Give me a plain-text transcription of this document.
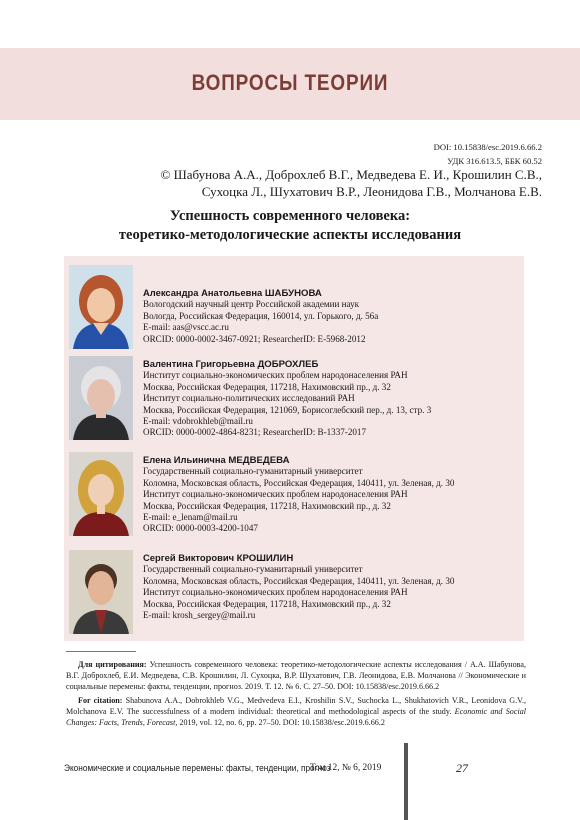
ВОПРОСЫ ТЕОРИИ
DOI: 10.15838/esc.2019.6.66.2
УДК 316.613.5, ББК 60.52
© Шабунова А.А., Доброхлеб В.Г., Медведева Е. И., Крошилин С.В.,
Сухоцка Л., Шухатович В.Р., Леонидова Г.В., Молчанова Е.В.
Успешность современного человека:
теоретико-методологические аспекты исследования
Александра Анатольевна ШАБУНОВА
Вологодский научный центр Российской академии наук
Вологда, Российская Федерация, 160014, ул. Горького, д. 56а
E-mail: aas@vscc.ac.ru
ORCID: 0000-0002-3467-0921; ResearcherID: E-5968-2012
Валентина Григорьевна ДОБРОХЛЕБ
Институт социально-экономических проблем народонаселения РАН
Москва, Российская Федерация, 117218, Нахимовский пр., д. 32
Институт социально-политических исследований РАН
Москва, Российская Федерация, 121069, Борисоглебский пер., д. 13, стр. 3
E-mail: vdobrokhleb@mail.ru
ORCID: 0000-0002-4864-8231; ResearcherID: B-1337-2017
Елена Ильинична МЕДВЕДЕВА
Государственный социально-гуманитарный университет
Коломна, Московская область, Российская Федерация, 140411, ул. Зеленая, д. 30
Институт социально-экономических проблем народонаселения РАН
Москва, Российская Федерация, 117218, Нахимовский пр., д. 32
E-mail: e_lenam@mail.ru
ORCID: 0000-0003-4200-1047
Сергей Викторович КРОШИЛИН
Государственный социально-гуманитарный университет
Коломна, Московская область, Российская Федерация, 140411, ул. Зеленая, д. 30
Институт социально-экономических проблем народонаселения РАН
Москва, Российская Федерация, 117218, Нахимовский пр., д. 32
E-mail: krosh_sergey@mail.ru

Для цитирования: Успешность современного человека: теоретико-методологические аспекты исследования / А.А. Шабунова, В.Г. Доброхлеб, Е.И. Медведева, С.В. Крошилин, Л. Сухоцка, В.Р. Шухатович, Г.В. Леонидова, Е.В. Молчанова // Экономические и социальные перемены: факты, тенденции, прогноз. 2019. Т. 12. № 6. С. 27–50. DOI: 10.15838/esc.2019.6.66.2

For citation: Shabunova A.A., Dobrokhleb V.G., Medvedeva E.I., Kroshilin S.V., Suchocka L., Shukhatovich V.R., Leonidova G.V., Molchanova E.V. The successfulness of a modern individual: theoretical and methodological aspects of the study. Economic and Social Changes: Facts, Trends, Forecast, 2019, vol. 12, no. 6, pp. 27–50. DOI: 10.15838/esc.2019.6.66.2

Экономические и социальные перемены: факты, тенденции, прогноз
Том 12, № 6, 2019	27
